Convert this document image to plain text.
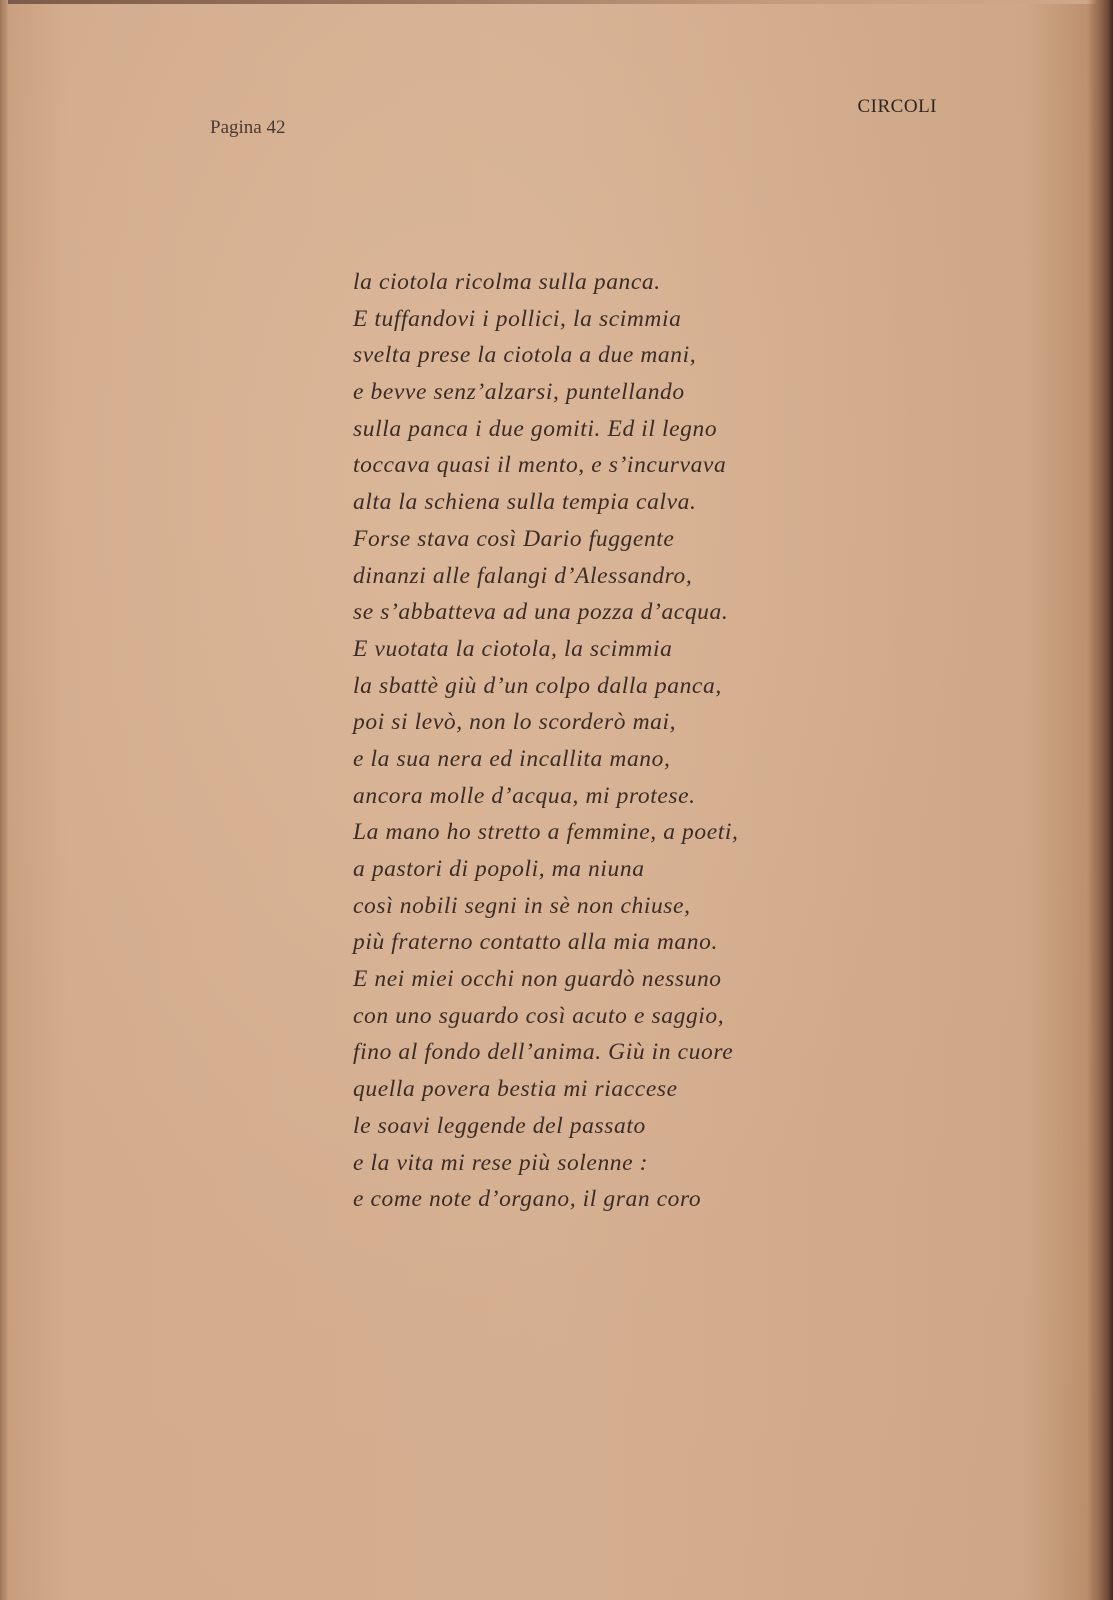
CIRCOLI
Pagina 42
la ciotola ricolma sulla panca.
E tuffandovi i pollici, la scimmia
svelta prese la ciotola a due mani,
e bevve senz’alzarsi, puntellando
sulla panca i due gomiti. Ed il legno
toccava quasi il mento, e s’incurvava
alta la schiena sulla tempia calva.
Forse stava così Dario fuggente
dinanzi alle falangi d’Alessandro,
se s’abbatteva ad una pozza d’acqua.
E vuotata la ciotola, la scimmia
la sbattè giù d’un colpo dalla panca,
poi si levò, non lo scorderò mai,
e la sua nera ed incallita mano,
ancora molle d’acqua, mi protese.
La mano ho stretto a femmine, a poeti,
a pastori di popoli, ma niuna
così nobili segni in sè non chiuse,
più fraterno contatto alla mia mano.
E nei miei occhi non guardò nessuno
con uno sguardo così acuto e saggio,
fino al fondo dell’anima. Giù in cuore
quella povera bestia mi riaccese
le soavi leggende del passato
e la vita mi rese più solenne :
e come note d’organo, il gran coro
